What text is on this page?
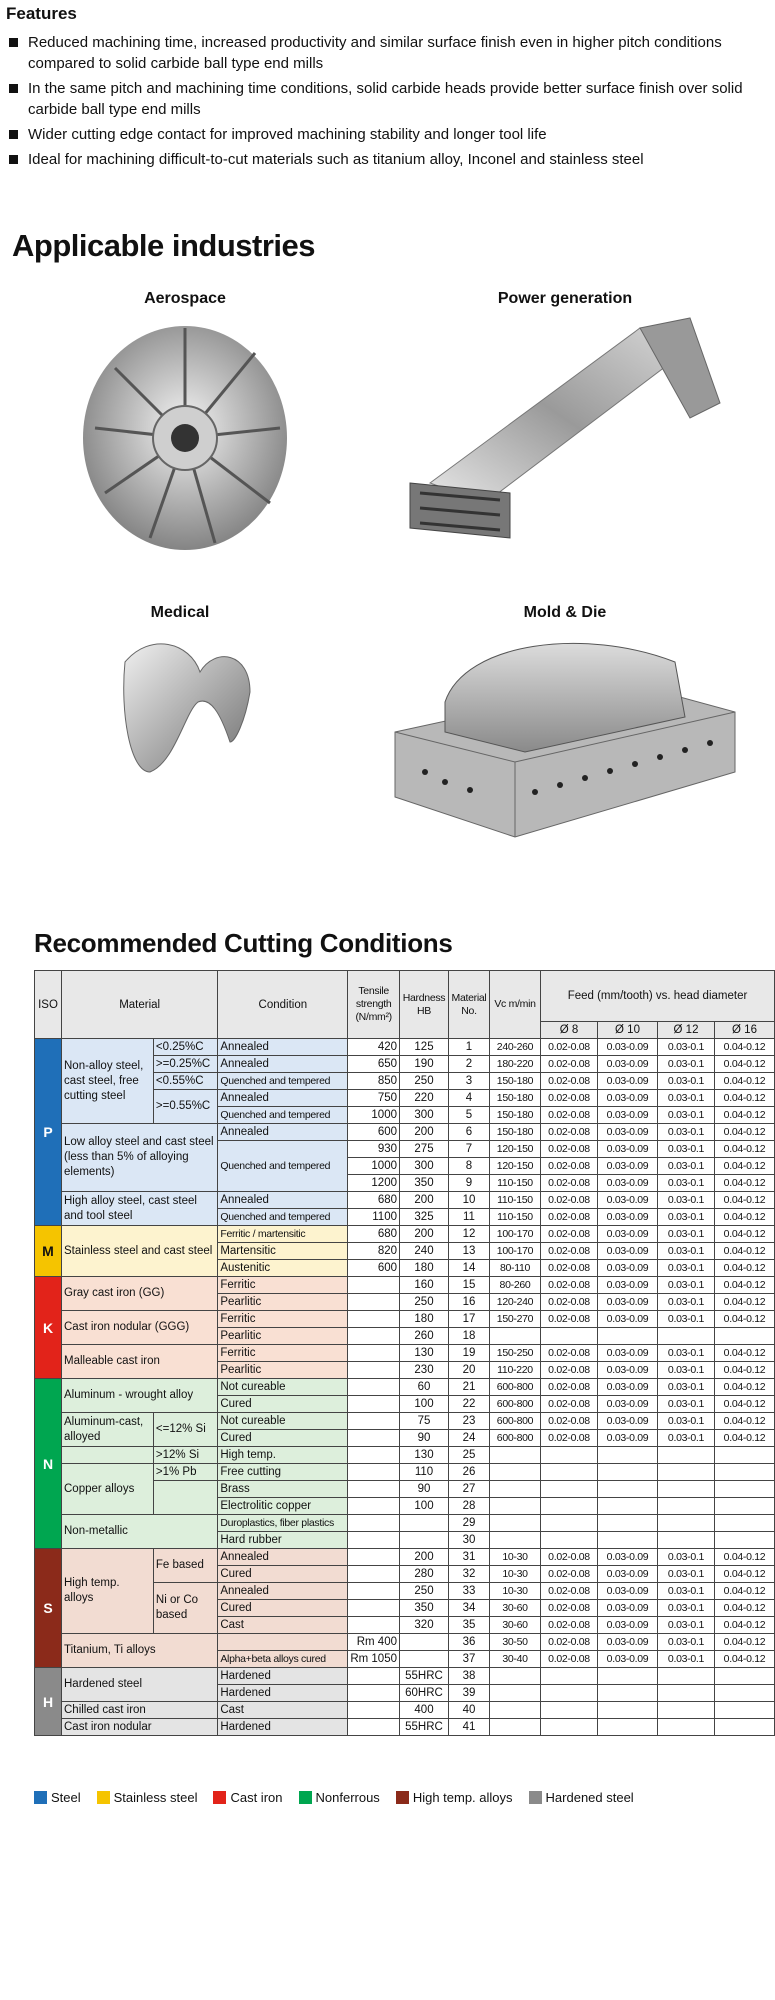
Features
Reduced machining time, increased productivity and similar surface finish even in higher pitch conditions compared to solid carbide ball type end mills
In the same pitch and machining time conditions, solid carbide heads provide better surface finish over solid carbide ball type end mills
Wider cutting edge contact for improved machining stability and longer tool life
Ideal for machining difficult-to-cut materials such as titanium alloy, Inconel and stainless steel
Applicable industries
Aerospace	Power generation
Medical	Mold & Die
Recommended Cutting Conditions
ISO	Material		Condition	Tensile strength (N/mm²)	Hardness HB	Material No.	Vc m/min	Feed (mm/tooth) vs. head diameter			
								Ø 8	Ø 10	Ø 12	Ø 16
P	Non-alloy steel, cast steel, free cutting steel	<0.25%C	Annealed	420	125	1	240-260	0.02-0.08	0.03-0.09	0.03-0.1	0.04-0.12
		>=0.25%C	Annealed	650	190	2	180-220	0.02-0.08	0.03-0.09	0.03-0.1	0.04-0.12
		<0.55%C	Quenched and tempered	850	250	3	150-180	0.02-0.08	0.03-0.09	0.03-0.1	0.04-0.12
		>=0.55%C	Annealed	750	220	4	150-180	0.02-0.08	0.03-0.09	0.03-0.1	0.04-0.12
			Quenched and tempered	1000	300	5	150-180	0.02-0.08	0.03-0.09	0.03-0.1	0.04-0.12
	Low alloy steel and cast steel (less than 5% of alloying elements)		Annealed	600	200	6	150-180	0.02-0.08	0.03-0.09	0.03-0.1	0.04-0.12
			Quenched and tempered	930	275	7	120-150	0.02-0.08	0.03-0.09	0.03-0.1	0.04-0.12
				1000	300	8	120-150	0.02-0.08	0.03-0.09	0.03-0.1	0.04-0.12
				1200	350	9	110-150	0.02-0.08	0.03-0.09	0.03-0.1	0.04-0.12
	High alloy steel, cast steel and tool steel		Annealed	680	200	10	110-150	0.02-0.08	0.03-0.09	0.03-0.1	0.04-0.12
			Quenched and tempered	1100	325	11	110-150	0.02-0.08	0.03-0.09	0.03-0.1	0.04-0.12
M	Stainless steel and cast steel		Ferritic / martensitic	680	200	12	100-170	0.02-0.08	0.03-0.09	0.03-0.1	0.04-0.12
			Martensitic	820	240	13	100-170	0.02-0.08	0.03-0.09	0.03-0.1	0.04-0.12
			Austenitic	600	180	14	80-110	0.02-0.08	0.03-0.09	0.03-0.1	0.04-0.12
K	Gray cast iron (GG)		Ferritic		160	15	80-260	0.02-0.08	0.03-0.09	0.03-0.1	0.04-0.12
			Pearlitic		250	16	120-240	0.02-0.08	0.03-0.09	0.03-0.1	0.04-0.12
	Cast iron nodular (GGG)		Ferritic		180	17	150-270	0.02-0.08	0.03-0.09	0.03-0.1	0.04-0.12
			Pearlitic		260	18					
	Malleable cast iron		Ferritic		130	19	150-250	0.02-0.08	0.03-0.09	0.03-0.1	0.04-0.12
			Pearlitic		230	20	110-220	0.02-0.08	0.03-0.09	0.03-0.1	0.04-0.12
N	Aluminum - wrought alloy		Not cureable		60	21	600-800	0.02-0.08	0.03-0.09	0.03-0.1	0.04-0.12
			Cured		100	22	600-800	0.02-0.08	0.03-0.09	0.03-0.1	0.04-0.12
	Aluminum-cast, alloyed	<=12% Si	Not cureable		75	23	600-800	0.02-0.08	0.03-0.09	0.03-0.1	0.04-0.12
			Cured		90	24	600-800	0.02-0.08	0.03-0.09	0.03-0.1	0.04-0.12
		>12% Si	High temp.		130	25					
	Copper alloys	>1% Pb	Free cutting		110	26					
			Brass		90	27					
			Electrolitic copper		100	28					
	Non-metallic		Duroplastics, fiber plastics			29					
			Hard rubber			30					
S	High temp. alloys	Fe based	Annealed		200	31	10-30	0.02-0.08	0.03-0.09	0.03-0.1	0.04-0.12
			Cured		280	32	10-30	0.02-0.08	0.03-0.09	0.03-0.1	0.04-0.12
		Ni or Co based	Annealed		250	33	10-30	0.02-0.08	0.03-0.09	0.03-0.1	0.04-0.12
			Cured		350	34	30-60	0.02-0.08	0.03-0.09	0.03-0.1	0.04-0.12
			Cast		320	35	30-60	0.02-0.08	0.03-0.09	0.03-0.1	0.04-0.12
	Titanium, Ti alloys			Rm 400		36	30-50	0.02-0.08	0.03-0.09	0.03-0.1	0.04-0.12
			Alpha+beta alloys cured	Rm 1050		37	30-40	0.02-0.08	0.03-0.09	0.03-0.1	0.04-0.12
H	Hardened steel		Hardened		55HRC	38					
			Hardened		60HRC	39					
	Chilled cast iron		Cast		400	40					
	Cast iron nodular		Hardened		55HRC	41					
Steel	Stainless steel	Cast iron	Nonferrous	High temp. alloys	Hardened steel
